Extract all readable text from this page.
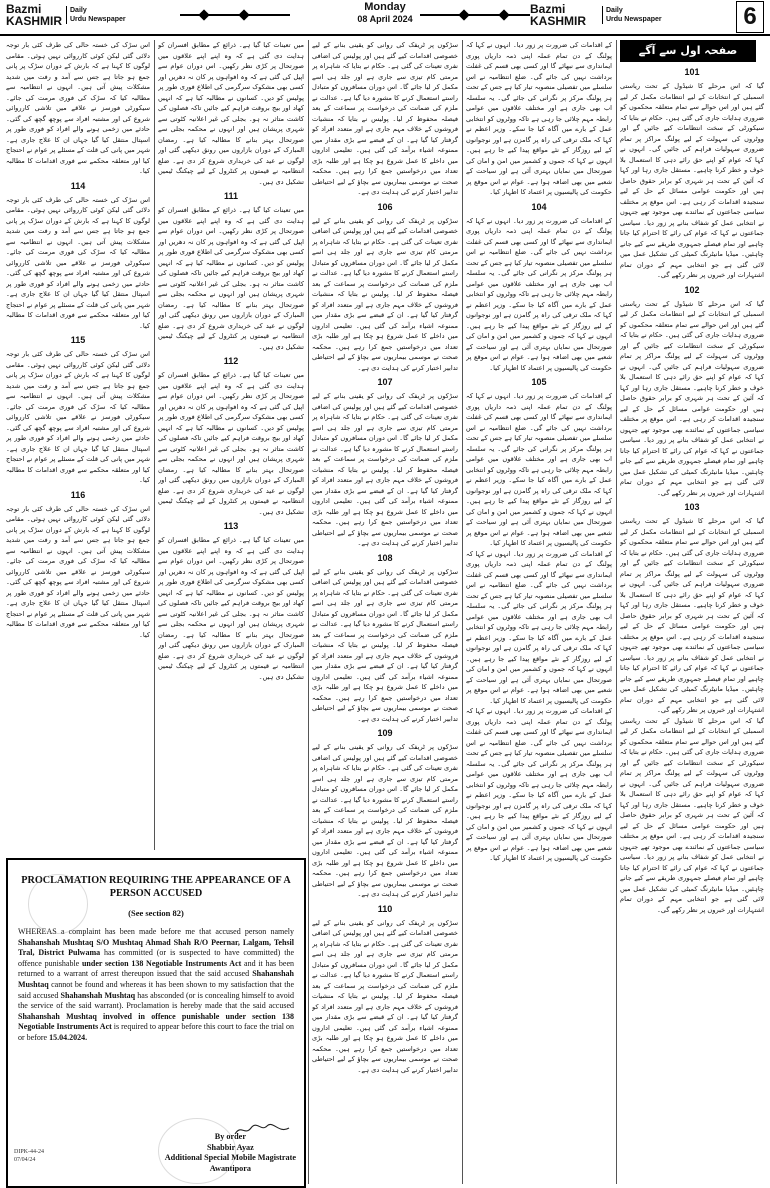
Bazmi
KASHMIR
Daily
Urdu Newspaper
Monday
08 April 2024
Bazmi
KASHMIR
Daily
Urdu Newspaper	6
صفحہ اول سے آگے
101

گیا کہ اس مرحلے کا شیڈول کے تحت ریاستی اسمبلی کے انتخابات کے لیے انتظامات مکمل کر لیے گئے ہیں اور اس حوالے سے تمام متعلقہ محکموں کو ضروری ہدایات جاری کی گئی ہیں۔ حکام نے بتایا کہ سیکورٹی کے سخت انتظامات کیے جائیں گے اور ووٹروں کی سہولت کے لیے پولنگ مراکز پر تمام ضروری سہولیات فراہم کی جائیں گی۔ انہوں نے کہا کہ عوام کو اپنے حق رائے دہی کا استعمال بلا خوف و خطر کرنا چاہیے۔ مستقل جاری رہا اور کہا کہ آئین کے تحت ہر شہری کو برابر حقوق حاصل ہیں اور حکومت عوامی مسائل کے حل کے لیے سنجیدہ اقدامات کر رہی ہے۔ اس موقع پر مختلف سیاسی جماعتوں کے نمائندے بھی موجود تھے جنہوں نے انتخابی عمل کو شفاف بنانے پر زور دیا۔ سیاسی جماعتوں نے کہا کہ عوام کی رائے کا احترام کیا جانا چاہیے اور تمام فیصلے جمہوری طریقے سے کیے جانے چاہئیں۔ میڈیا مانیٹرنگ کمیٹی کی تشکیل عمل میں لائی گئی ہے جو انتخابی مہم کے دوران تمام اشتہارات اور خبروں پر نظر رکھے گی۔

102

گیا کہ اس مرحلے کا شیڈول کے تحت ریاستی اسمبلی کے انتخابات کے لیے انتظامات مکمل کر لیے گئے ہیں اور اس حوالے سے تمام متعلقہ محکموں کو ضروری ہدایات جاری کی گئی ہیں۔ حکام نے بتایا کہ سیکورٹی کے سخت انتظامات کیے جائیں گے اور ووٹروں کی سہولت کے لیے پولنگ مراکز پر تمام ضروری سہولیات فراہم کی جائیں گی۔ انہوں نے کہا کہ عوام کو اپنے حق رائے دہی کا استعمال بلا خوف و خطر کرنا چاہیے۔ مستقل جاری رہا اور کہا کہ آئین کے تحت ہر شہری کو برابر حقوق حاصل ہیں اور حکومت عوامی مسائل کے حل کے لیے سنجیدہ اقدامات کر رہی ہے۔ اس موقع پر مختلف سیاسی جماعتوں کے نمائندے بھی موجود تھے جنہوں نے انتخابی عمل کو شفاف بنانے پر زور دیا۔ سیاسی جماعتوں نے کہا کہ عوام کی رائے کا احترام کیا جانا چاہیے اور تمام فیصلے جمہوری طریقے سے کیے جانے چاہئیں۔ میڈیا مانیٹرنگ کمیٹی کی تشکیل عمل میں لائی گئی ہے جو انتخابی مہم کے دوران تمام اشتہارات اور خبروں پر نظر رکھے گی۔

103

گیا کہ اس مرحلے کا شیڈول کے تحت ریاستی اسمبلی کے انتخابات کے لیے انتظامات مکمل کر لیے گئے ہیں اور اس حوالے سے تمام متعلقہ محکموں کو ضروری ہدایات جاری کی گئی ہیں۔ حکام نے بتایا کہ سیکورٹی کے سخت انتظامات کیے جائیں گے اور ووٹروں کی سہولت کے لیے پولنگ مراکز پر تمام ضروری سہولیات فراہم کی جائیں گی۔ انہوں نے کہا کہ عوام کو اپنے حق رائے دہی کا استعمال بلا خوف و خطر کرنا چاہیے۔ مستقل جاری رہا اور کہا کہ آئین کے تحت ہر شہری کو برابر حقوق حاصل ہیں اور حکومت عوامی مسائل کے حل کے لیے سنجیدہ اقدامات کر رہی ہے۔ اس موقع پر مختلف سیاسی جماعتوں کے نمائندے بھی موجود تھے جنہوں نے انتخابی عمل کو شفاف بنانے پر زور دیا۔ سیاسی جماعتوں نے کہا کہ عوام کی رائے کا احترام کیا جانا چاہیے اور تمام فیصلے جمہوری طریقے سے کیے جانے چاہئیں۔ میڈیا مانیٹرنگ کمیٹی کی تشکیل عمل میں لائی گئی ہے جو انتخابی مہم کے دوران تمام اشتہارات اور خبروں پر نظر رکھے گی۔

گیا کہ اس مرحلے کا شیڈول کے تحت ریاستی اسمبلی کے انتخابات کے لیے انتظامات مکمل کر لیے گئے ہیں اور اس حوالے سے تمام متعلقہ محکموں کو ضروری ہدایات جاری کی گئی ہیں۔ حکام نے بتایا کہ سیکورٹی کے سخت انتظامات کیے جائیں گے اور ووٹروں کی سہولت کے لیے پولنگ مراکز پر تمام ضروری سہولیات فراہم کی جائیں گی۔ انہوں نے کہا کہ عوام کو اپنے حق رائے دہی کا استعمال بلا خوف و خطر کرنا چاہیے۔ مستقل جاری رہا اور کہا کہ آئین کے تحت ہر شہری کو برابر حقوق حاصل ہیں اور حکومت عوامی مسائل کے حل کے لیے سنجیدہ اقدامات کر رہی ہے۔ اس موقع پر مختلف سیاسی جماعتوں کے نمائندے بھی موجود تھے جنہوں نے انتخابی عمل کو شفاف بنانے پر زور دیا۔ سیاسی جماعتوں نے کہا کہ عوام کی رائے کا احترام کیا جانا چاہیے اور تمام فیصلے جمہوری طریقے سے کیے جانے چاہئیں۔ میڈیا مانیٹرنگ کمیٹی کی تشکیل عمل میں لائی گئی ہے جو انتخابی مہم کے دوران تمام اشتہارات اور خبروں پر نظر رکھے گی۔

کے اقدامات کی ضرورت پر زور دیا۔ انہوں نے کہا کہ پولنگ کے دن تمام عملہ اپنی ذمہ داریاں پوری ایمانداری سے نبھائے گا اور کسی بھی قسم کی غفلت برداشت نہیں کی جائے گی۔ ضلع انتظامیہ نے اس سلسلے میں تفصیلی منصوبہ تیار کیا ہے جس کے تحت ہر پولنگ مرکز پر نگرانی کی جائے گی۔ یہ سلسلہ اب بھی جاری ہے اور مختلف علاقوں میں عوامی رابطہ مہم چلائی جا رہی ہے تاکہ ووٹروں کو انتخابی عمل کے بارے میں آگاہ کیا جا سکے۔ وزیر اعظم نے کہا کہ ملک ترقی کی راہ پر گامزن ہے اور نوجوانوں کے لیے روزگار کے نئے مواقع پیدا کیے جا رہے ہیں۔ انہوں نے کہا کہ جموں و کشمیر میں امن و امان کی صورتحال میں نمایاں بہتری آئی ہے اور سیاحت کے شعبے میں بھی اضافہ ہوا ہے۔ عوام نے اس موقع پر حکومت کی پالیسیوں پر اعتماد کا اظہار کیا۔

104

کے اقدامات کی ضرورت پر زور دیا۔ انہوں نے کہا کہ پولنگ کے دن تمام عملہ اپنی ذمہ داریاں پوری ایمانداری سے نبھائے گا اور کسی بھی قسم کی غفلت برداشت نہیں کی جائے گی۔ ضلع انتظامیہ نے اس سلسلے میں تفصیلی منصوبہ تیار کیا ہے جس کے تحت ہر پولنگ مرکز پر نگرانی کی جائے گی۔ یہ سلسلہ اب بھی جاری ہے اور مختلف علاقوں میں عوامی رابطہ مہم چلائی جا رہی ہے تاکہ ووٹروں کو انتخابی عمل کے بارے میں آگاہ کیا جا سکے۔ وزیر اعظم نے کہا کہ ملک ترقی کی راہ پر گامزن ہے اور نوجوانوں کے لیے روزگار کے نئے مواقع پیدا کیے جا رہے ہیں۔ انہوں نے کہا کہ جموں و کشمیر میں امن و امان کی صورتحال میں نمایاں بہتری آئی ہے اور سیاحت کے شعبے میں بھی اضافہ ہوا ہے۔ عوام نے اس موقع پر حکومت کی پالیسیوں پر اعتماد کا اظہار کیا۔

105

کے اقدامات کی ضرورت پر زور دیا۔ انہوں نے کہا کہ پولنگ کے دن تمام عملہ اپنی ذمہ داریاں پوری ایمانداری سے نبھائے گا اور کسی بھی قسم کی غفلت برداشت نہیں کی جائے گی۔ ضلع انتظامیہ نے اس سلسلے میں تفصیلی منصوبہ تیار کیا ہے جس کے تحت ہر پولنگ مرکز پر نگرانی کی جائے گی۔ یہ سلسلہ اب بھی جاری ہے اور مختلف علاقوں میں عوامی رابطہ مہم چلائی جا رہی ہے تاکہ ووٹروں کو انتخابی عمل کے بارے میں آگاہ کیا جا سکے۔ وزیر اعظم نے کہا کہ ملک ترقی کی راہ پر گامزن ہے اور نوجوانوں کے لیے روزگار کے نئے مواقع پیدا کیے جا رہے ہیں۔ انہوں نے کہا کہ جموں و کشمیر میں امن و امان کی صورتحال میں نمایاں بہتری آئی ہے اور سیاحت کے شعبے میں بھی اضافہ ہوا ہے۔ عوام نے اس موقع پر حکومت کی پالیسیوں پر اعتماد کا اظہار کیا۔

کے اقدامات کی ضرورت پر زور دیا۔ انہوں نے کہا کہ پولنگ کے دن تمام عملہ اپنی ذمہ داریاں پوری ایمانداری سے نبھائے گا اور کسی بھی قسم کی غفلت برداشت نہیں کی جائے گی۔ ضلع انتظامیہ نے اس سلسلے میں تفصیلی منصوبہ تیار کیا ہے جس کے تحت ہر پولنگ مرکز پر نگرانی کی جائے گی۔ یہ سلسلہ اب بھی جاری ہے اور مختلف علاقوں میں عوامی رابطہ مہم چلائی جا رہی ہے تاکہ ووٹروں کو انتخابی عمل کے بارے میں آگاہ کیا جا سکے۔ وزیر اعظم نے کہا کہ ملک ترقی کی راہ پر گامزن ہے اور نوجوانوں کے لیے روزگار کے نئے مواقع پیدا کیے جا رہے ہیں۔ انہوں نے کہا کہ جموں و کشمیر میں امن و امان کی صورتحال میں نمایاں بہتری آئی ہے اور سیاحت کے شعبے میں بھی اضافہ ہوا ہے۔ عوام نے اس موقع پر حکومت کی پالیسیوں پر اعتماد کا اظہار کیا۔

کے اقدامات کی ضرورت پر زور دیا۔ انہوں نے کہا کہ پولنگ کے دن تمام عملہ اپنی ذمہ داریاں پوری ایمانداری سے نبھائے گا اور کسی بھی قسم کی غفلت برداشت نہیں کی جائے گی۔ ضلع انتظامیہ نے اس سلسلے میں تفصیلی منصوبہ تیار کیا ہے جس کے تحت ہر پولنگ مرکز پر نگرانی کی جائے گی۔ یہ سلسلہ اب بھی جاری ہے اور مختلف علاقوں میں عوامی رابطہ مہم چلائی جا رہی ہے تاکہ ووٹروں کو انتخابی عمل کے بارے میں آگاہ کیا جا سکے۔ وزیر اعظم نے کہا کہ ملک ترقی کی راہ پر گامزن ہے اور نوجوانوں کے لیے روزگار کے نئے مواقع پیدا کیے جا رہے ہیں۔ انہوں نے کہا کہ جموں و کشمیر میں امن و امان کی صورتحال میں نمایاں بہتری آئی ہے اور سیاحت کے شعبے میں بھی اضافہ ہوا ہے۔ عوام نے اس موقع پر حکومت کی پالیسیوں پر اعتماد کا اظہار کیا۔

سڑکوں پر ٹریفک کی روانی کو یقینی بنانے کے لیے خصوصی اقدامات کیے گئے ہیں اور پولیس کی اضافی نفری تعینات کی گئی ہے۔ حکام نے بتایا کہ شاہراہ پر مرمتی کام تیزی سے جاری ہے اور جلد ہی اسے مکمل کر لیا جائے گا۔ اس دوران مسافروں کو متبادل راستے استعمال کرنے کا مشورہ دیا گیا ہے۔ عدالت نے ملزم کی ضمانت کی درخواست پر سماعت کے بعد فیصلہ محفوظ کر لیا۔ پولیس نے بتایا کہ منشیات فروشوں کے خلاف مہم جاری ہے اور متعدد افراد کو گرفتار کیا گیا ہے۔ ان کے قبضے سے بڑی مقدار میں ممنوعہ اشیاء برآمد کی گئی ہیں۔ تعلیمی اداروں میں داخلے کا عمل شروع ہو چکا ہے اور طلبہ بڑی تعداد میں درخواستیں جمع کرا رہے ہیں۔ محکمہ صحت نے موسمی بیماریوں سے بچاؤ کے لیے احتیاطی تدابیر اختیار کرنے کی ہدایت دی ہے۔

106

سڑکوں پر ٹریفک کی روانی کو یقینی بنانے کے لیے خصوصی اقدامات کیے گئے ہیں اور پولیس کی اضافی نفری تعینات کی گئی ہے۔ حکام نے بتایا کہ شاہراہ پر مرمتی کام تیزی سے جاری ہے اور جلد ہی اسے مکمل کر لیا جائے گا۔ اس دوران مسافروں کو متبادل راستے استعمال کرنے کا مشورہ دیا گیا ہے۔ عدالت نے ملزم کی ضمانت کی درخواست پر سماعت کے بعد فیصلہ محفوظ کر لیا۔ پولیس نے بتایا کہ منشیات فروشوں کے خلاف مہم جاری ہے اور متعدد افراد کو گرفتار کیا گیا ہے۔ ان کے قبضے سے بڑی مقدار میں ممنوعہ اشیاء برآمد کی گئی ہیں۔ تعلیمی اداروں میں داخلے کا عمل شروع ہو چکا ہے اور طلبہ بڑی تعداد میں درخواستیں جمع کرا رہے ہیں۔ محکمہ صحت نے موسمی بیماریوں سے بچاؤ کے لیے احتیاطی تدابیر اختیار کرنے کی ہدایت دی ہے۔

107

سڑکوں پر ٹریفک کی روانی کو یقینی بنانے کے لیے خصوصی اقدامات کیے گئے ہیں اور پولیس کی اضافی نفری تعینات کی گئی ہے۔ حکام نے بتایا کہ شاہراہ پر مرمتی کام تیزی سے جاری ہے اور جلد ہی اسے مکمل کر لیا جائے گا۔ اس دوران مسافروں کو متبادل راستے استعمال کرنے کا مشورہ دیا گیا ہے۔ عدالت نے ملزم کی ضمانت کی درخواست پر سماعت کے بعد فیصلہ محفوظ کر لیا۔ پولیس نے بتایا کہ منشیات فروشوں کے خلاف مہم جاری ہے اور متعدد افراد کو گرفتار کیا گیا ہے۔ ان کے قبضے سے بڑی مقدار میں ممنوعہ اشیاء برآمد کی گئی ہیں۔ تعلیمی اداروں میں داخلے کا عمل شروع ہو چکا ہے اور طلبہ بڑی تعداد میں درخواستیں جمع کرا رہے ہیں۔ محکمہ صحت نے موسمی بیماریوں سے بچاؤ کے لیے احتیاطی تدابیر اختیار کرنے کی ہدایت دی ہے۔

108

سڑکوں پر ٹریفک کی روانی کو یقینی بنانے کے لیے خصوصی اقدامات کیے گئے ہیں اور پولیس کی اضافی نفری تعینات کی گئی ہے۔ حکام نے بتایا کہ شاہراہ پر مرمتی کام تیزی سے جاری ہے اور جلد ہی اسے مکمل کر لیا جائے گا۔ اس دوران مسافروں کو متبادل راستے استعمال کرنے کا مشورہ دیا گیا ہے۔ عدالت نے ملزم کی ضمانت کی درخواست پر سماعت کے بعد فیصلہ محفوظ کر لیا۔ پولیس نے بتایا کہ منشیات فروشوں کے خلاف مہم جاری ہے اور متعدد افراد کو گرفتار کیا گیا ہے۔ ان کے قبضے سے بڑی مقدار میں ممنوعہ اشیاء برآمد کی گئی ہیں۔ تعلیمی اداروں میں داخلے کا عمل شروع ہو چکا ہے اور طلبہ بڑی تعداد میں درخواستیں جمع کرا رہے ہیں۔ محکمہ صحت نے موسمی بیماریوں سے بچاؤ کے لیے احتیاطی تدابیر اختیار کرنے کی ہدایت دی ہے۔

109

سڑکوں پر ٹریفک کی روانی کو یقینی بنانے کے لیے خصوصی اقدامات کیے گئے ہیں اور پولیس کی اضافی نفری تعینات کی گئی ہے۔ حکام نے بتایا کہ شاہراہ پر مرمتی کام تیزی سے جاری ہے اور جلد ہی اسے مکمل کر لیا جائے گا۔ اس دوران مسافروں کو متبادل راستے استعمال کرنے کا مشورہ دیا گیا ہے۔ عدالت نے ملزم کی ضمانت کی درخواست پر سماعت کے بعد فیصلہ محفوظ کر لیا۔ پولیس نے بتایا کہ منشیات فروشوں کے خلاف مہم جاری ہے اور متعدد افراد کو گرفتار کیا گیا ہے۔ ان کے قبضے سے بڑی مقدار میں ممنوعہ اشیاء برآمد کی گئی ہیں۔ تعلیمی اداروں میں داخلے کا عمل شروع ہو چکا ہے اور طلبہ بڑی تعداد میں درخواستیں جمع کرا رہے ہیں۔ محکمہ صحت نے موسمی بیماریوں سے بچاؤ کے لیے احتیاطی تدابیر اختیار کرنے کی ہدایت دی ہے۔

110

سڑکوں پر ٹریفک کی روانی کو یقینی بنانے کے لیے خصوصی اقدامات کیے گئے ہیں اور پولیس کی اضافی نفری تعینات کی گئی ہے۔ حکام نے بتایا کہ شاہراہ پر مرمتی کام تیزی سے جاری ہے اور جلد ہی اسے مکمل کر لیا جائے گا۔ اس دوران مسافروں کو متبادل راستے استعمال کرنے کا مشورہ دیا گیا ہے۔ عدالت نے ملزم کی ضمانت کی درخواست پر سماعت کے بعد فیصلہ محفوظ کر لیا۔ پولیس نے بتایا کہ منشیات فروشوں کے خلاف مہم جاری ہے اور متعدد افراد کو گرفتار کیا گیا ہے۔ ان کے قبضے سے بڑی مقدار میں ممنوعہ اشیاء برآمد کی گئی ہیں۔ تعلیمی اداروں میں داخلے کا عمل شروع ہو چکا ہے اور طلبہ بڑی تعداد میں درخواستیں جمع کرا رہے ہیں۔ محکمہ صحت نے موسمی بیماریوں سے بچاؤ کے لیے احتیاطی تدابیر اختیار کرنے کی ہدایت دی ہے۔

میں تعینات کیا گیا ہے۔ ذرائع کے مطابق افسران کو ہدایت دی گئی ہے کہ وہ اپنے اپنے علاقوں میں صورتحال پر کڑی نظر رکھیں۔ اس دوران عوام سے اپیل کی گئی ہے کہ وہ افواہوں پر کان نہ دھریں اور کسی بھی مشکوک سرگرمی کی اطلاع فوری طور پر پولیس کو دیں۔ کسانوں نے مطالبہ کیا ہے کہ انہیں کھاد اور بیج بروقت فراہم کیے جائیں تاکہ فصلوں کی کاشت متاثر نہ ہو۔ بجلی کی غیر اعلانیہ کٹوتی سے شہری پریشان ہیں اور انہوں نے محکمہ بجلی سے صورتحال بہتر بنانے کا مطالبہ کیا ہے۔ رمضان المبارک کے دوران بازاروں میں رونق دیکھی گئی اور لوگوں نے عید کی خریداری شروع کر دی ہے۔ ضلع انتظامیہ نے قیمتوں پر کنٹرول کے لیے چیکنگ ٹیمیں تشکیل دی ہیں۔

111

میں تعینات کیا گیا ہے۔ ذرائع کے مطابق افسران کو ہدایت دی گئی ہے کہ وہ اپنے اپنے علاقوں میں صورتحال پر کڑی نظر رکھیں۔ اس دوران عوام سے اپیل کی گئی ہے کہ وہ افواہوں پر کان نہ دھریں اور کسی بھی مشکوک سرگرمی کی اطلاع فوری طور پر پولیس کو دیں۔ کسانوں نے مطالبہ کیا ہے کہ انہیں کھاد اور بیج بروقت فراہم کیے جائیں تاکہ فصلوں کی کاشت متاثر نہ ہو۔ بجلی کی غیر اعلانیہ کٹوتی سے شہری پریشان ہیں اور انہوں نے محکمہ بجلی سے صورتحال بہتر بنانے کا مطالبہ کیا ہے۔ رمضان المبارک کے دوران بازاروں میں رونق دیکھی گئی اور لوگوں نے عید کی خریداری شروع کر دی ہے۔ ضلع انتظامیہ نے قیمتوں پر کنٹرول کے لیے چیکنگ ٹیمیں تشکیل دی ہیں۔

112

میں تعینات کیا گیا ہے۔ ذرائع کے مطابق افسران کو ہدایت دی گئی ہے کہ وہ اپنے اپنے علاقوں میں صورتحال پر کڑی نظر رکھیں۔ اس دوران عوام سے اپیل کی گئی ہے کہ وہ افواہوں پر کان نہ دھریں اور کسی بھی مشکوک سرگرمی کی اطلاع فوری طور پر پولیس کو دیں۔ کسانوں نے مطالبہ کیا ہے کہ انہیں کھاد اور بیج بروقت فراہم کیے جائیں تاکہ فصلوں کی کاشت متاثر نہ ہو۔ بجلی کی غیر اعلانیہ کٹوتی سے شہری پریشان ہیں اور انہوں نے محکمہ بجلی سے صورتحال بہتر بنانے کا مطالبہ کیا ہے۔ رمضان المبارک کے دوران بازاروں میں رونق دیکھی گئی اور لوگوں نے عید کی خریداری شروع کر دی ہے۔ ضلع انتظامیہ نے قیمتوں پر کنٹرول کے لیے چیکنگ ٹیمیں تشکیل دی ہیں۔

113

میں تعینات کیا گیا ہے۔ ذرائع کے مطابق افسران کو ہدایت دی گئی ہے کہ وہ اپنے اپنے علاقوں میں صورتحال پر کڑی نظر رکھیں۔ اس دوران عوام سے اپیل کی گئی ہے کہ وہ افواہوں پر کان نہ دھریں اور کسی بھی مشکوک سرگرمی کی اطلاع فوری طور پر پولیس کو دیں۔ کسانوں نے مطالبہ کیا ہے کہ انہیں کھاد اور بیج بروقت فراہم کیے جائیں تاکہ فصلوں کی کاشت متاثر نہ ہو۔ بجلی کی غیر اعلانیہ کٹوتی سے شہری پریشان ہیں اور انہوں نے محکمہ بجلی سے صورتحال بہتر بنانے کا مطالبہ کیا ہے۔ رمضان المبارک کے دوران بازاروں میں رونق دیکھی گئی اور لوگوں نے عید کی خریداری شروع کر دی ہے۔ ضلع انتظامیہ نے قیمتوں پر کنٹرول کے لیے چیکنگ ٹیمیں تشکیل دی ہیں۔

اس سڑک کی خستہ حالی کی طرف کئی بار توجہ دلائی گئی لیکن کوئی کارروائی نہیں ہوئی۔ مقامی لوگوں کا کہنا ہے کہ بارش کے دوران سڑک پر پانی جمع ہو جاتا ہے جس سے آمد و رفت میں شدید مشکلات پیش آتی ہیں۔ انہوں نے انتظامیہ سے مطالبہ کیا کہ سڑک کی فوری مرمت کی جائے۔ سیکورٹی فورسز نے علاقے میں تلاشی کارروائی شروع کی اور مشتبہ افراد سے پوچھ گچھ کی گئی۔ حادثے میں زخمی ہونے والے افراد کو فوری طور پر اسپتال منتقل کیا گیا جہاں ان کا علاج جاری ہے۔ شہر میں پانی کی قلت کے مسئلے پر عوام نے احتجاج کیا اور متعلقہ محکمے سے فوری اقدامات کا مطالبہ کیا۔

114

اس سڑک کی خستہ حالی کی طرف کئی بار توجہ دلائی گئی لیکن کوئی کارروائی نہیں ہوئی۔ مقامی لوگوں کا کہنا ہے کہ بارش کے دوران سڑک پر پانی جمع ہو جاتا ہے جس سے آمد و رفت میں شدید مشکلات پیش آتی ہیں۔ انہوں نے انتظامیہ سے مطالبہ کیا کہ سڑک کی فوری مرمت کی جائے۔ سیکورٹی فورسز نے علاقے میں تلاشی کارروائی شروع کی اور مشتبہ افراد سے پوچھ گچھ کی گئی۔ حادثے میں زخمی ہونے والے افراد کو فوری طور پر اسپتال منتقل کیا گیا جہاں ان کا علاج جاری ہے۔ شہر میں پانی کی قلت کے مسئلے پر عوام نے احتجاج کیا اور متعلقہ محکمے سے فوری اقدامات کا مطالبہ کیا۔

115

اس سڑک کی خستہ حالی کی طرف کئی بار توجہ دلائی گئی لیکن کوئی کارروائی نہیں ہوئی۔ مقامی لوگوں کا کہنا ہے کہ بارش کے دوران سڑک پر پانی جمع ہو جاتا ہے جس سے آمد و رفت میں شدید مشکلات پیش آتی ہیں۔ انہوں نے انتظامیہ سے مطالبہ کیا کہ سڑک کی فوری مرمت کی جائے۔ سیکورٹی فورسز نے علاقے میں تلاشی کارروائی شروع کی اور مشتبہ افراد سے پوچھ گچھ کی گئی۔ حادثے میں زخمی ہونے والے افراد کو فوری طور پر اسپتال منتقل کیا گیا جہاں ان کا علاج جاری ہے۔ شہر میں پانی کی قلت کے مسئلے پر عوام نے احتجاج کیا اور متعلقہ محکمے سے فوری اقدامات کا مطالبہ کیا۔

116

اس سڑک کی خستہ حالی کی طرف کئی بار توجہ دلائی گئی لیکن کوئی کارروائی نہیں ہوئی۔ مقامی لوگوں کا کہنا ہے کہ بارش کے دوران سڑک پر پانی جمع ہو جاتا ہے جس سے آمد و رفت میں شدید مشکلات پیش آتی ہیں۔ انہوں نے انتظامیہ سے مطالبہ کیا کہ سڑک کی فوری مرمت کی جائے۔ سیکورٹی فورسز نے علاقے میں تلاشی کارروائی شروع کی اور مشتبہ افراد سے پوچھ گچھ کی گئی۔ حادثے میں زخمی ہونے والے افراد کو فوری طور پر اسپتال منتقل کیا گیا جہاں ان کا علاج جاری ہے۔ شہر میں پانی کی قلت کے مسئلے پر عوام نے احتجاج کیا اور متعلقہ محکمے سے فوری اقدامات کا مطالبہ کیا۔

PROCLAMATION REQUIRING THE APPEARANCE OF A PERSON ACCUSED
(See section 82)
WHEREAS a complaint has been made before me that accused person namely Shahanshah Mushtaq S/O Mushtaq Ahmad Shah R/O Peernar, Lalgam, Tehsil Tral, District Pulwama has committed (or is suspected to have committed) the offence punishable under section 138 Negotiable Instruments Act and it has been returned to a warrant of arrest thereupon issued that the said accused Shahanshah Mushtaq cannot be found and whereas it has been shown to my satisfaction that the said accused Shahanshah Mushtaq has absconded (or is concealing himself to avoid the service of the said warrant). Proclamation is hereby made that the said accused Shahanshah Mushtaq involved in offence punishable under section 138 Negotiable Instruments Act is required to appear before this court to face the trial on or before 15.04.2024.
DIPK-44-24
07/04/24
By order
Shabbir Ayaz
Additional Special Mobile Magistrate
Awantipora
